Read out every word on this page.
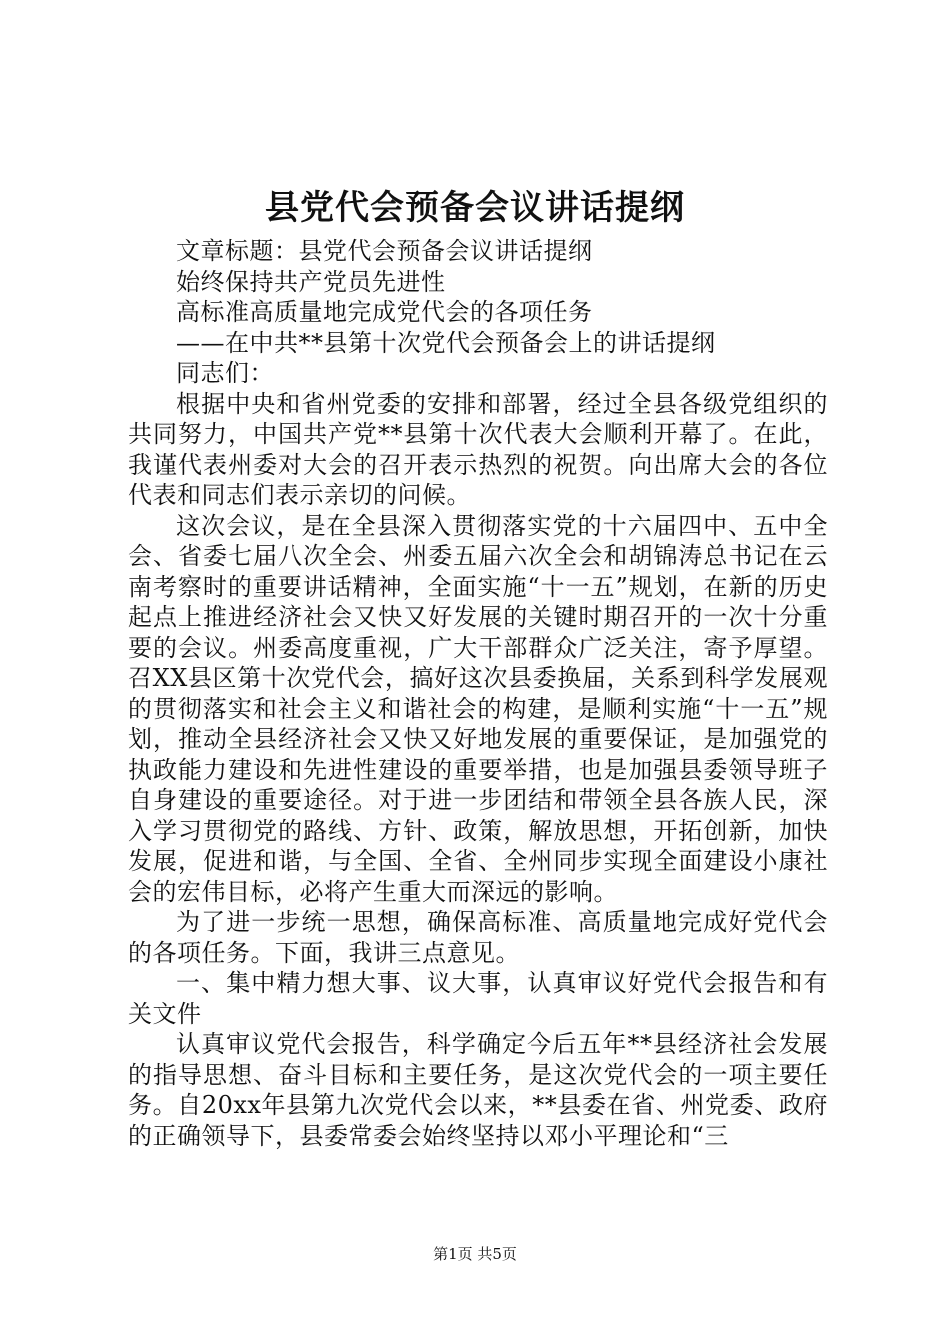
县党代会预备会议讲话提纲

文章标题：县党代会预备会议讲话提纲

始终保持共产党员先进性

高标准高质量地完成党代会的各项任务

——在中共**县第十次党代会预备会上的讲话提纲

同志们：

根据中央和省州党委的安排和部署，经过全县各级党组织的共同努力，中国共产党**县第十次代表大会顺利开幕了。在此，我谨代表州委对大会的召开表示热烈的祝贺。向出席大会的各位代表和同志们表示亲切的问候。

这次会议，是在全县深入贯彻落实党的十六届四中、五中全会、省委七届八次全会、州委五届六次全会和胡锦涛总书记在云南考察时的重要讲话精神，全面实施“十一五”规划，在新的历史起点上推进经济社会又快又好发展的关键时期召开的一次十分重要的会议。州委高度重视，广大干部群众广泛关注，寄予厚望。召XX县区第十次党代会，搞好这次县委换届，关系到科学发展观的贯彻落实和社会主义和谐社会的构建，是顺利实施“十一五”规划，推动全县经济社会又快又好地发展的重要保证，是加强党的执政能力建设和先进性建设的重要举措，也是加强县委领导班子自身建设的重要途径。对于进一步团结和带领全县各族人民，深入学习贯彻党的路线、方针、政策，解放思想，开拓创新，加快发展，促进和谐，与全国、全省、全州同步实现全面建设小康社会的宏伟目标，必将产生重大而深远的影响。

为了进一步统一思想，确保高标准、高质量地完成好党代会的各项任务。下面，我讲三点意见。

一、集中精力想大事、议大事，认真审议好党代会报告和有关文件

认真审议党代会报告，科学确定今后五年**县经济社会发展的指导思想、奋斗目标和主要任务，是这次党代会的一项主要任务。自20xx年县第九次党代会以来，**县委在省、州党委、政府的正确领导下，县委常委会始终坚持以邓小平理论和“三

第1页 共5页
